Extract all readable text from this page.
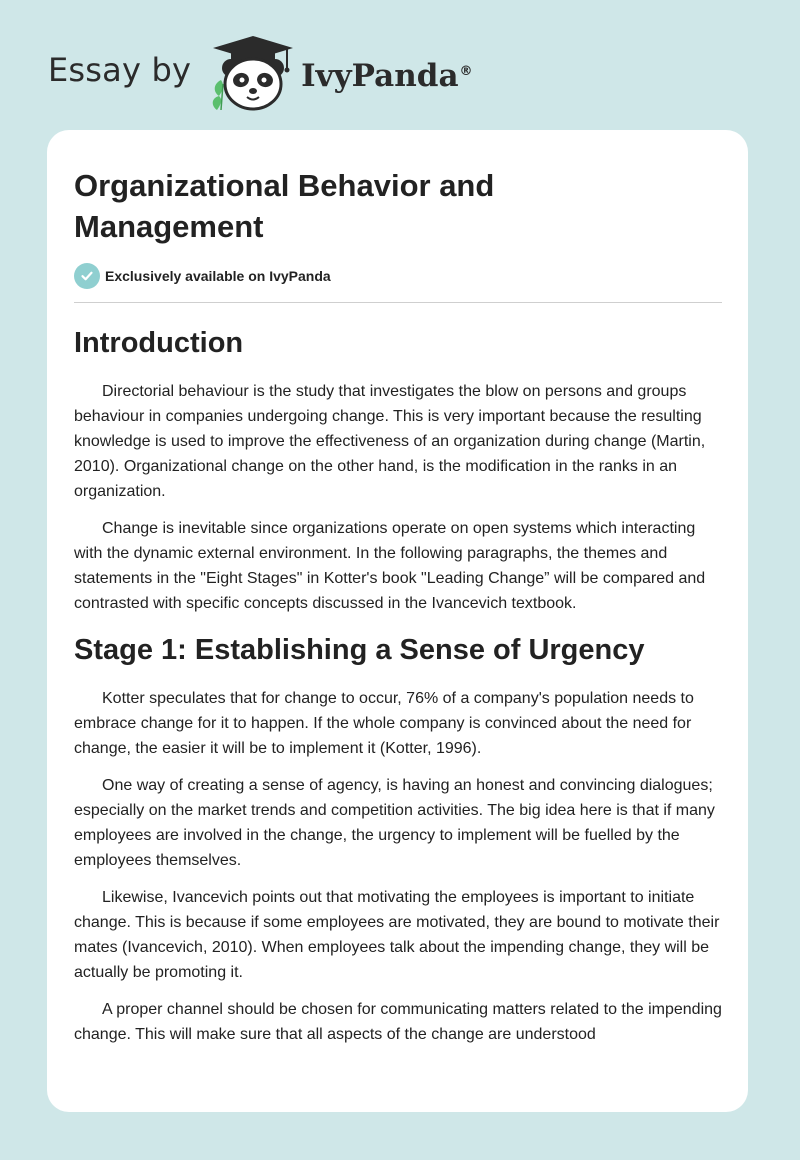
Essay by	IvyPanda®
Organizational Behavior and Management
Exclusively available on IvyPanda
Introduction

Directorial behaviour is the study that investigates the blow on persons and groups behaviour in companies undergoing change. This is very important because the resulting knowledge is used to improve the effectiveness of an organization during change (Martin, 2010). Organizational change on the other hand, is the modification in the ranks in an organization.

Change is inevitable since organizations operate on open systems which interacting with the dynamic external environment. In the following paragraphs, the themes and statements in the "Eight Stages" in Kotter's book "Leading Change” will be compared and contrasted with specific concepts discussed in the Ivancevich textbook.

Stage 1: Establishing a Sense of Urgency

Kotter speculates that for change to occur, 76% of a company's population needs to embrace change for it to happen. If the whole company is convinced about the need for change, the easier it will be to implement it (Kotter, 1996).

One way of creating a sense of agency, is having an honest and convincing dialogues; especially on the market trends and competition activities. The big idea here is that if many employees are involved in the change, the urgency to implement will be fuelled by the employees themselves.

Likewise, Ivancevich points out that motivating the employees is important to initiate change. This is because if some employees are motivated, they are bound to motivate their mates (Ivancevich, 2010). When employees talk about the impending change, they will be actually be promoting it.

A proper channel should be chosen for communicating matters related to the impending change. This will make sure that all aspects of the change are understood
